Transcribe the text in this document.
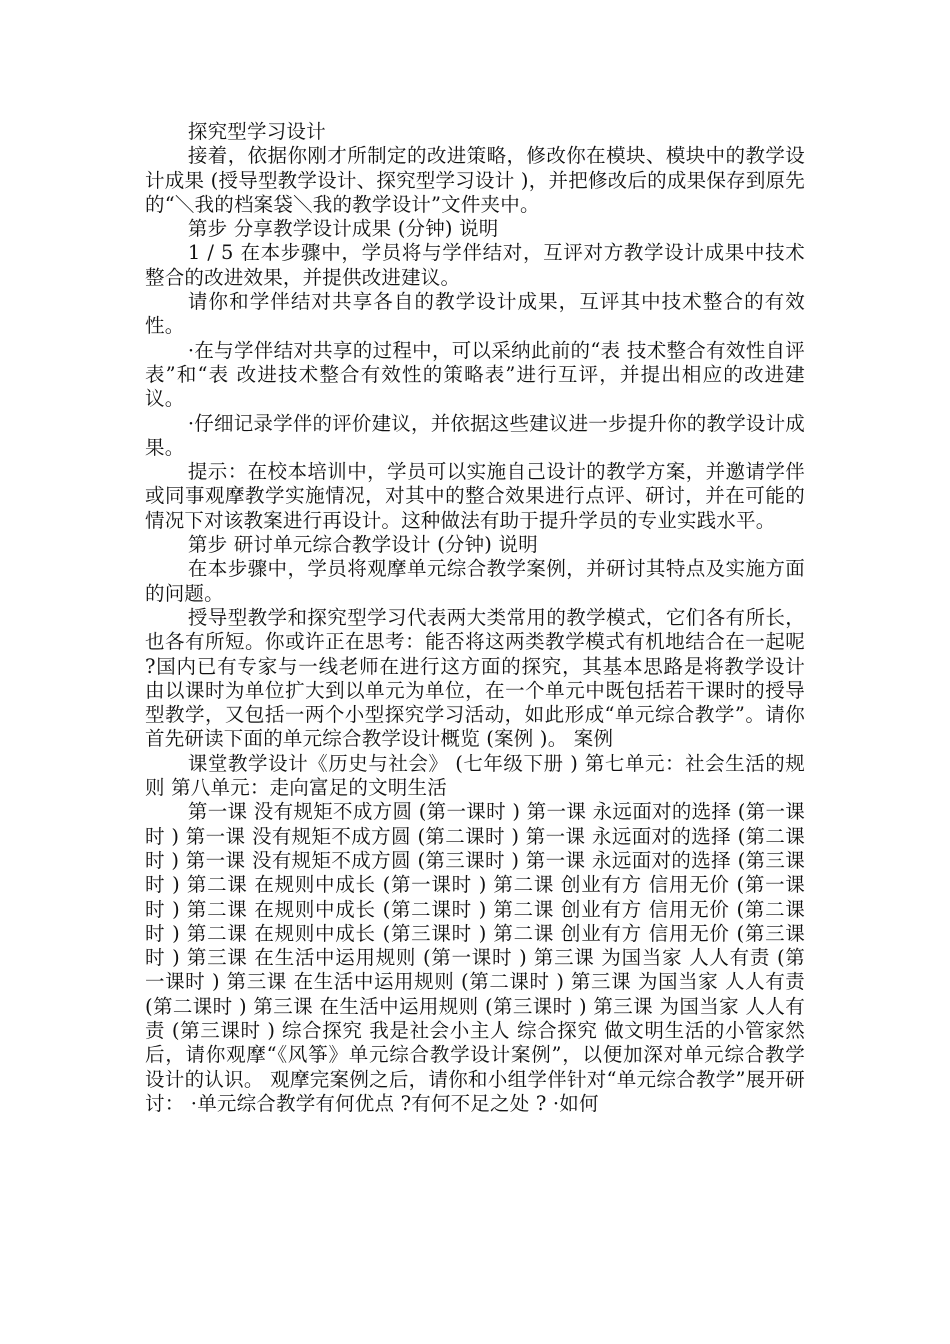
探究型学习设计

接着，依据你刚才所制定的改进策略，修改你在模块、模块中的教学设计成果 (授导型教学设计、探究型学习设计 )，并把修改后的成果保存到原先的“＼我的档案袋＼我的教学设计”文件夹中。

第步 分享教学设计成果 (分钟) 说明

1 / 5 在本步骤中，学员将与学伴结对，互评对方教学设计成果中技术整合的改进效果，并提供改进建议。

请你和学伴结对共享各自的教学设计成果，互评其中技术整合的有效性。

·在与学伴结对共享的过程中，可以采纳此前的“表 技术整合有效性自评表”和“表 改进技术整合有效性的策略表”进行互评，并提出相应的改进建议。

·仔细记录学伴的评价建议，并依据这些建议进一步提升你的教学设计成果。

提示：在校本培训中，学员可以实施自己设计的教学方案，并邀请学伴或同事观摩教学实施情况，对其中的整合效果进行点评、研讨，并在可能的情况下对该教案进行再设计。这种做法有助于提升学员的专业实践水平。

第步 研讨单元综合教学设计 (分钟) 说明

在本步骤中，学员将观摩单元综合教学案例，并研讨其特点及实施方面的问题。

授导型教学和探究型学习代表两大类常用的教学模式，它们各有所长，也各有所短。你或许正在思考：能否将这两类教学模式有机地结合在一起呢 ?国内已有专家与一线老师在进行这方面的探究，其基本思路是将教学设计由以课时为单位扩大到以单元为单位，在一个单元中既包括若干课时的授导型教学，又包括一两个小型探究学习活动，如此形成“单元综合教学”。请你首先研读下面的单元综合教学设计概览 (案例 )。 案例

课堂教学设计《历史与社会》 (七年级下册 ) 第七单元：社会生活的规则 第八单元：走向富足的文明生活

第一课 没有规矩不成方圆 (第一课时 ) 第一课 永远面对的选择 (第一课时 ) 第一课 没有规矩不成方圆 (第二课时 ) 第一课 永远面对的选择 (第二课时 ) 第一课 没有规矩不成方圆 (第三课时 ) 第一课 永远面对的选择 (第三课时 ) 第二课 在规则中成长 (第一课时 ) 第二课 创业有方 信用无价 (第一课时 ) 第二课 在规则中成长 (第二课时 ) 第二课 创业有方 信用无价 (第二课时 ) 第二课 在规则中成长 (第三课时 ) 第二课 创业有方 信用无价 (第三课时 ) 第三课 在生活中运用规则 (第一课时 ) 第三课 为国当家 人人有责 (第一课时 ) 第三课 在生活中运用规则 (第二课时 ) 第三课 为国当家 人人有责 (第二课时 ) 第三课 在生活中运用规则 (第三课时 ) 第三课 为国当家 人人有责 (第三课时 ) 综合探究 我是社会小主人 综合探究 做文明生活的小管家然后，请你观摩“《风筝》单元综合教学设计案例”，以便加深对单元综合教学设计的认识。 观摩完案例之后，请你和小组学伴针对“单元综合教学”展开研讨： ·单元综合教学有何优点 ?有何不足之处 ? ·如何
